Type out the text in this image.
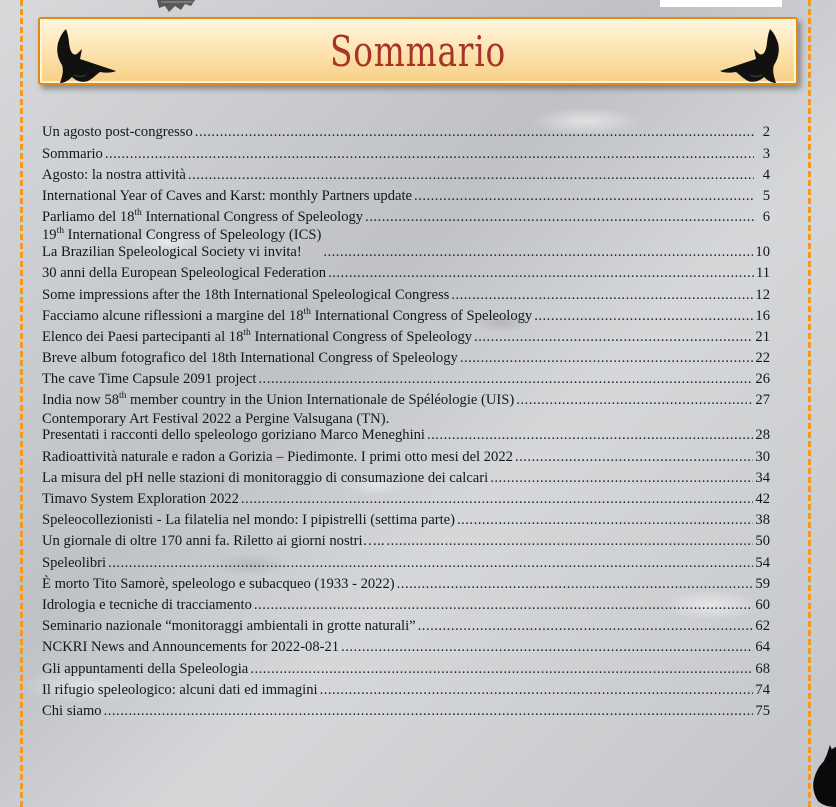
Sommario
Un agosto post-congresso .....	2
Sommario .....	3
Agosto: la nostra attività .....	4
International Year of Caves and Karst: monthly Partners update .....	5
Parliamo del 18th International Congress of Speleology .....	6
19th International Congress of Speleology (ICS)
La Brazilian Speleological Society vi invita! .....	10
30 anni della European Speleological Federation .....	11
Some impressions after the 18th International Speleological Congress .....	12
Facciamo alcune riflessioni a margine del 18th International Congress of Speleology .....	16
Elenco dei Paesi partecipanti al 18th International Congress of Speleology .....	21
Breve album fotografico del 18th International Congress of Speleology .....	22
The cave Time Capsule 2091 project .....	26
India now 58th member country in the Union Internationale de Spéléologie (UIS) .....	27
Contemporary Art Festival 2022 a Pergine Valsugana (TN).
Presentati i racconti dello speleologo goriziano Marco Meneghini .....	28
Radioattività naturale e radon a Gorizia – Piedimonte. I primi otto mesi del 2022 .....	30
La misura del pH nelle stazioni di monitoraggio di consumazione dei calcari .....	34
Timavo System Exploration 2022 .....	42
Speleocollezionisti - La filatelia nel mondo: I pipistrelli (settima parte) .....	38
Un giornale di oltre 170 anni fa. Riletto ai giorni nostri….. .....	50
Speleolibri .....	54
È morto Tito Samorè, speleologo e subacqueo (1933 - 2022) .....	59
Idrologia e tecniche di tracciamento .....	60
Seminario nazionale “monitoraggi ambientali in grotte naturali” .....	62
NCKRI News and Announcements for 2022-08-21 .....	64
Gli appuntamenti della Speleologia .....	68
Il rifugio speleologico: alcuni dati ed immagini .....	74
Chi siamo .....	75
